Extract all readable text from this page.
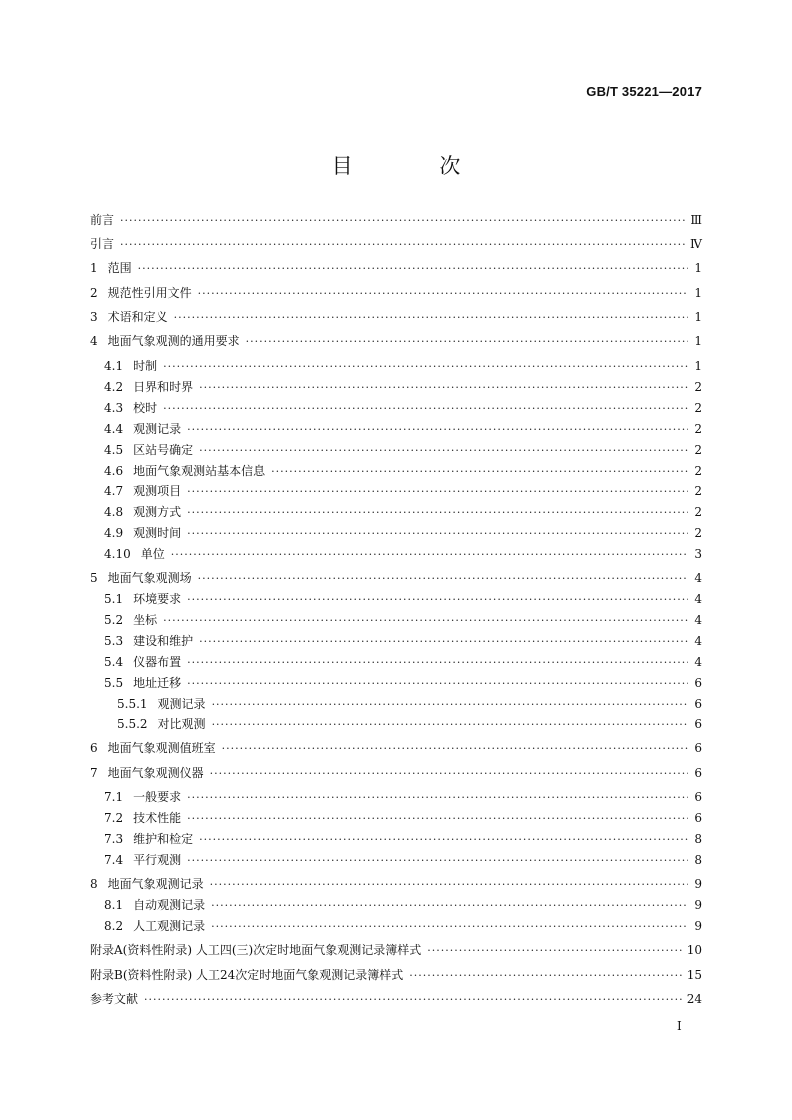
GB/T 35221—2017
目 次
前言 ·····	Ⅲ
引言 ·····	Ⅳ
1 范围 ·····	1
2 规范性引用文件 ·····	1
3 术语和定义 ·····	1
4 地面气象观测的通用要求 ·····	1
4.1 时制 ·····	1
4.2 日界和时界 ·····	2
4.3 校时 ·····	2
4.4 观测记录 ·····	2
4.5 区站号确定 ·····	2
4.6 地面气象观测站基本信息 ·····	2
4.7 观测项目 ·····	2
4.8 观测方式 ·····	2
4.9 观测时间 ·····	2
4.10 单位 ·····	3
5 地面气象观测场 ·····	4
5.1 环境要求 ·····	4
5.2 坐标 ·····	4
5.3 建设和维护 ·····	4
5.4 仪器布置 ·····	4
5.5 地址迁移 ·····	6
5.5.1 观测记录 ·····	6
5.5.2 对比观测 ·····	6
6 地面气象观测值班室 ·····	6
7 地面气象观测仪器 ·····	6
7.1 一般要求 ·····	6
7.2 技术性能 ·····	6
7.3 维护和检定 ·····	8
7.4 平行观测 ·····	8
8 地面气象观测记录 ·····	9
8.1 自动观测记录 ·····	9
8.2 人工观测记录 ·····	9
附录A(资料性附录) 人工四(三)次定时地面气象观测记录簿样式 ·····	10
附录B(资料性附录) 人工24次定时地面气象观测记录簿样式 ·····	15
参考文献 ·····	24
I
